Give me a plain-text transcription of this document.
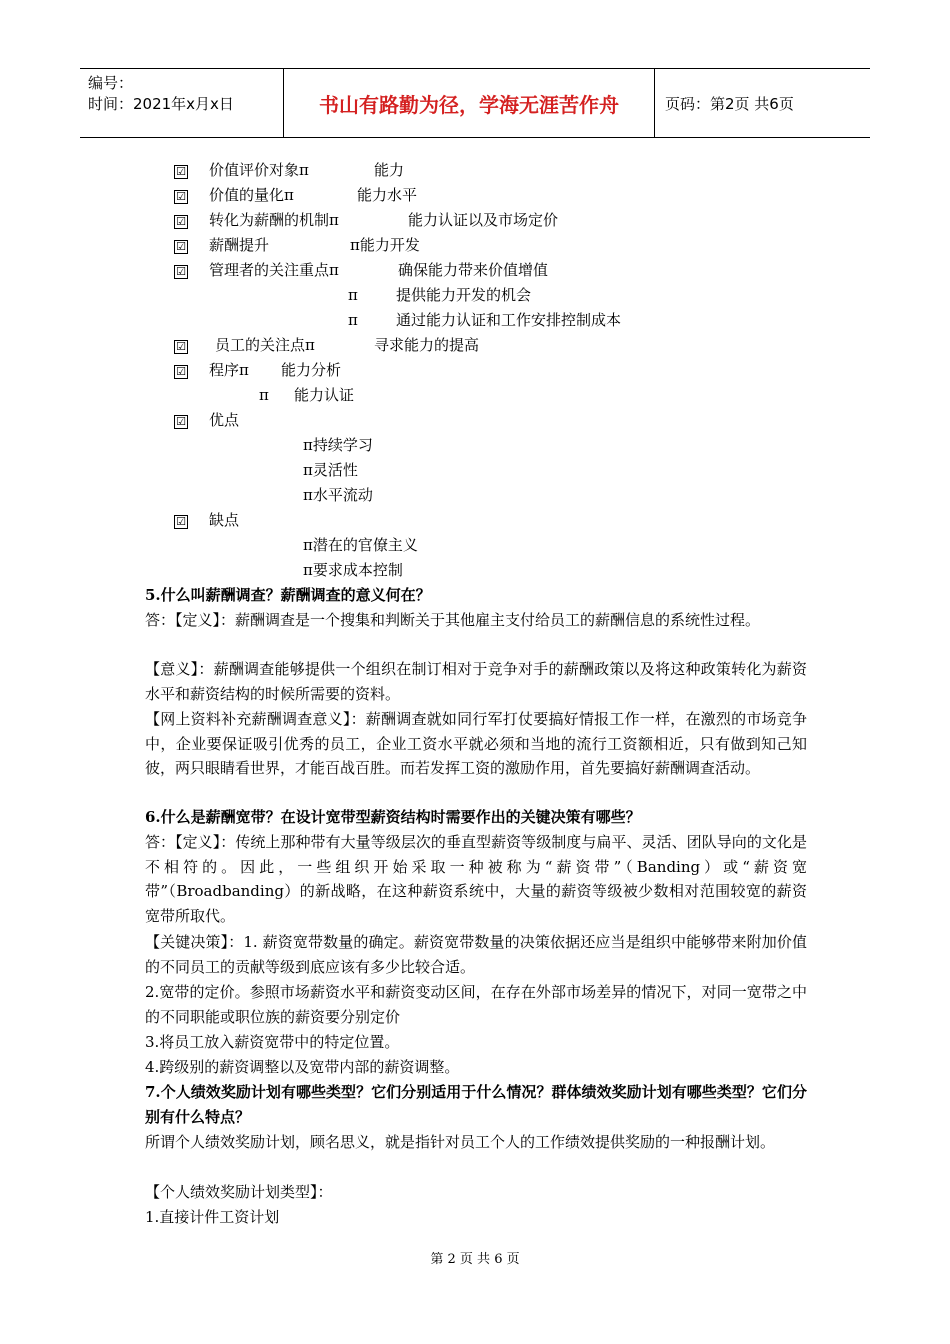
编号：
时间：2021年x月x日	书山有路勤为径，学海无涯苦作舟	页码：第2页 共6页
☑ 价值评价对象π	能力
☑ 价值的量化π	能力水平
☑ 转化为薪酬的机制π	能力认证以及市场定价
☑ 薪酬提升	π能力开发
☑ 管理者的关注重点π	确保能力带来价值增值
π	提供能力开发的机会
π	通过能力认证和工作安排控制成本
☑ 员工的关注点π	寻求能力的提高
☑ 程序π 能力分析
π 能力认证
☑ 优点
π持续学习
π灵活性
π水平流动
☑ 缺点
π潜在的官僚主义
π要求成本控制
5.什么叫薪酬调查？薪酬调查的意义何在？
答：【定义】：薪酬调查是一个搜集和判断关于其他雇主支付给员工的薪酬信息的系统性过程。
【意义】：薪酬调查能够提供一个组织在制订相对于竞争对手的薪酬政策以及将这种政策转化为薪资水平和薪资结构的时候所需要的资料。
【网上资料补充薪酬调查意义】：薪酬调查就如同行军打仗要搞好情报工作一样，在激烈的市场竞争中，企业要保证吸引优秀的员工，企业工资水平就必须和当地的流行工资额相近，只有做到知己知彼，两只眼睛看世界，才能百战百胜。而若发挥工资的激励作用，首先要搞好薪酬调查活动。
6.什么是薪酬宽带？在设计宽带型薪资结构时需要作出的关键决策有哪些？
答：【定义】：传统上那种带有大量等级层次的垂直型薪资等级制度与扁平、灵活、团队导向的文化是不相符的。因此，一些组织开始采取一种被称为“薪资带”（Banding）或“薪资宽带”（Broadbanding）的新战略，在这种薪资系统中，大量的薪资等级被少数相对范围较宽的薪资宽带所取代。
【关键决策】：1. 薪资宽带数量的确定。薪资宽带数量的决策依据还应当是组织中能够带来附加价值的不同员工的贡献等级到底应该有多少比较合适。
2.宽带的定价。参照市场薪资水平和薪资变动区间，在存在外部市场差异的情况下，对同一宽带之中的不同职能或职位族的薪资要分别定价
3.将员工放入薪资宽带中的特定位置。
4.跨级别的薪资调整以及宽带内部的薪资调整。
7.个人绩效奖励计划有哪些类型？它们分别适用于什么情况？群体绩效奖励计划有哪些类型？它们分别有什么特点？
所谓个人绩效奖励计划，顾名思义，就是指针对员工个人的工作绩效提供奖励的一种报酬计划。
【个人绩效奖励计划类型】：
1.直接计件工资计划
第 2 页 共 6 页
